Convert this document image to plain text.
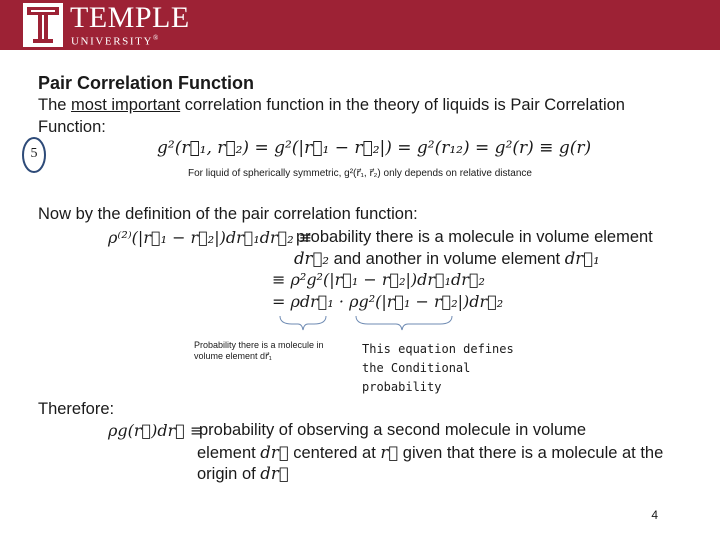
TEMPLE
UNIVERSITY®
Pair Correlation Function
The most important correlation function in the theory of liquids is Pair Correlation
Function:
5	g²(r⃗₁, r⃗₂) = g²(|r⃗₁ − r⃗₂|) = g²(r₁₂) = g²(r) ≡ g(r)
For liquid of spherically symmetric, g²(r⃗₁, r⃗₂) only depends on relative distance
Now by the definition of the pair correlation function:
ρ⁽²⁾(|r⃗₁ − r⃗₂|)dr⃗₁dr⃗₂ ≡
probability there is a molecule in volume element
dr⃗₂ and another in volume element dr⃗₁
≡ ρ²g²(|r⃗₁ − r⃗₂|)dr⃗₁dr⃗₂
= ρdr⃗₁ · ρg²(|r⃗₁ − r⃗₂|)dr⃗₂
Probability there is a molecule in volume element dr⃗₁	This equation defines the Conditional probability
Therefore:
ρg(r⃗)dr⃗ ≡
probability of observing a second molecule in volume
element dr⃗ centered at r⃗ given that there is a molecule at the
origin of dr⃗
4
